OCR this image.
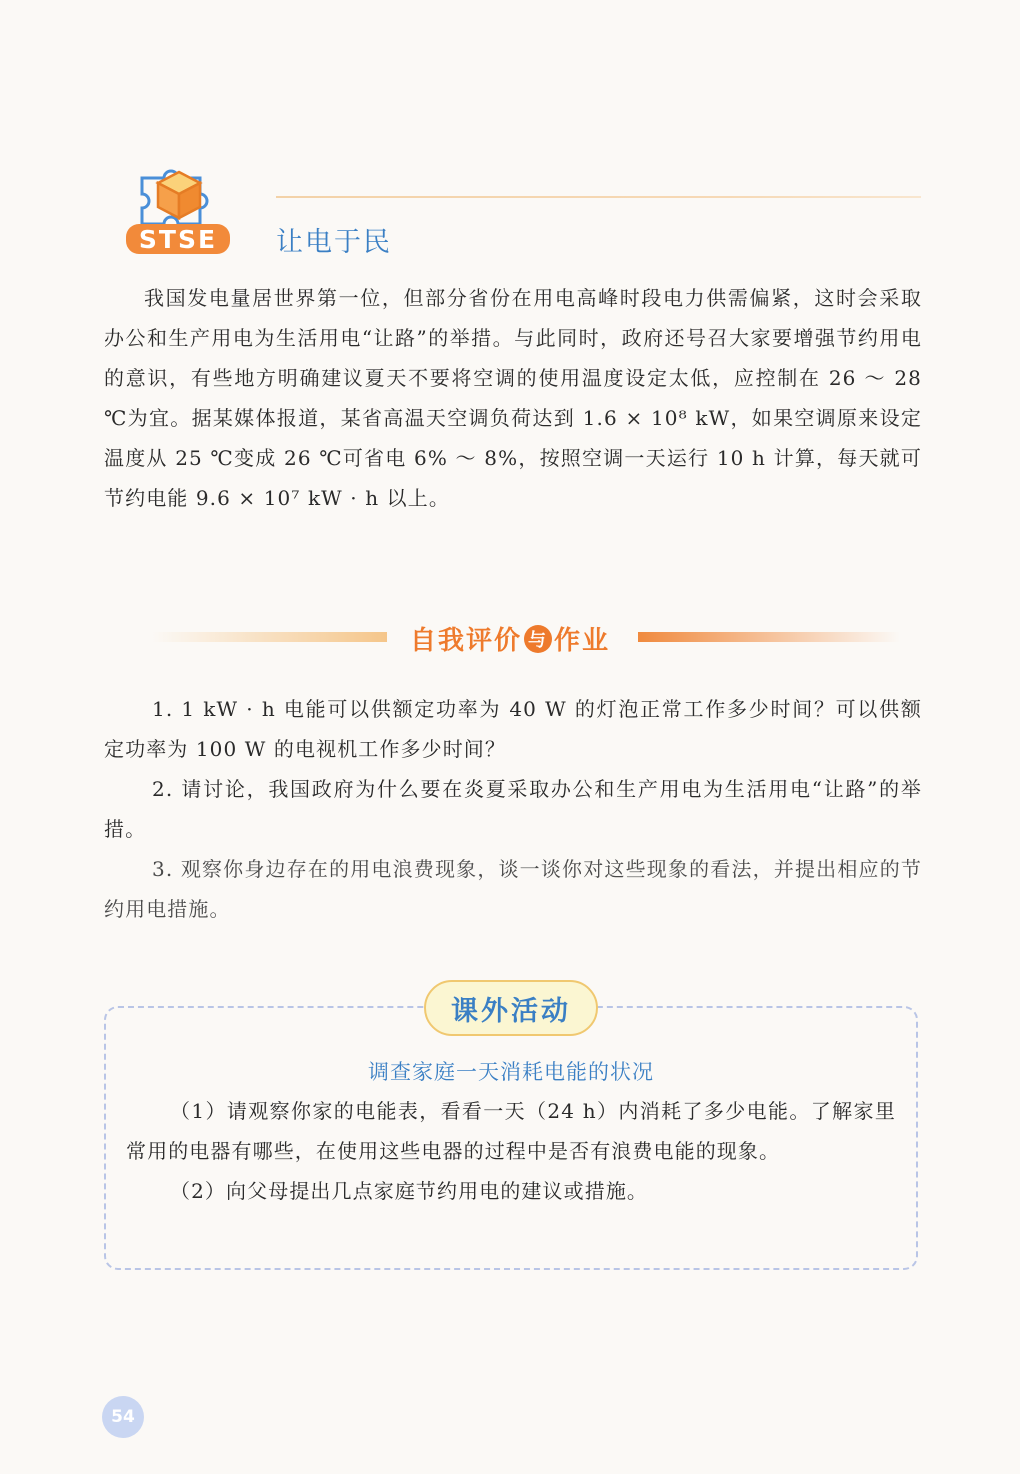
STSE 让电于民

我国发电量居世界第一位，但部分省份在用电高峰时段电力供需偏紧，这时会采取办公和生产用电为生活用电“让路”的举措。与此同时，政府还号召大家要增强节约用电的意识，有些地方明确建议夏天不要将空调的使用温度设定太低，应控制在 26 ～ 28 ℃为宜。据某媒体报道，某省高温天空调负荷达到 1.6 × 10⁸ kW，如果空调原来设定温度从 25 ℃变成 26 ℃可省电 6% ～ 8%，按照空调一天运行 10 h 计算，每天就可节约电能 9.6 × 10⁷ kW · h 以上。

自我评价 与 作业

1. 1 kW · h 电能可以供额定功率为 40 W 的灯泡正常工作多少时间？可以供额定功率为 100 W 的电视机工作多少时间？

2. 请讨论，我国政府为什么要在炎夏采取办公和生产用电为生活用电“让路”的举措。

3. 观察你身边存在的用电浪费现象，谈一谈你对这些现象的看法，并提出相应的节约用电措施。

课外活动
调查家庭一天消耗电能的状况

（1）请观察你家的电能表，看看一天（24 h）内消耗了多少电能。了解家里常用的电器有哪些，在使用这些电器的过程中是否有浪费电能的现象。

（2）向父母提出几点家庭节约用电的建议或措施。

54
